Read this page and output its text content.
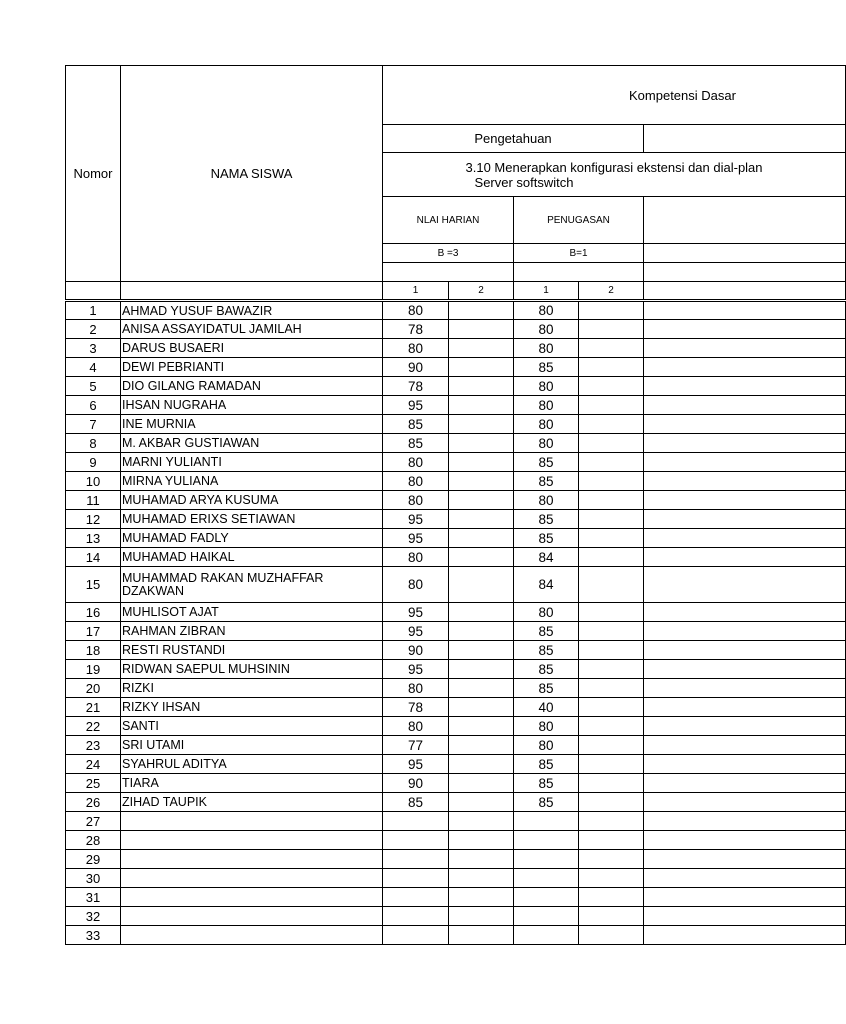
Nomor	NAMA SISWA	Kompetensi Dasar				
		Pengetahuan				

		3.10 Menerapkan konfigurasi ekstensi dan dial-plan
Server softswitch				

		NLAI HARIAN		PENUGASAN		
		B =3		B=1		

		1	2	1	2	
1	AHMAD YUSUF BAWAZIR	80		80		
2	ANISA ASSAYIDATUL JAMILAH	78		80		
3	DARUS BUSAERI	80		80		
4	DEWI PEBRIANTI	90		85		
5	DIO GILANG RAMADAN	78		80		
6	IHSAN NUGRAHA	95		80		
7	INE MURNIA	85		80		
8	M. AKBAR GUSTIAWAN	85		80		
9	MARNI YULIANTI	80		85		
10	MIRNA YULIANA	80		85		
11	MUHAMAD ARYA KUSUMA	80		80		
12	MUHAMAD ERIXS SETIAWAN	95		85		
13	MUHAMAD FADLY	95		85		
14	MUHAMAD HAIKAL	80		84		
15	MUHAMMAD RAKAN MUZHAFFAR DZAKWAN	80		84		
16	MUHLISOT AJAT	95		80		
17	RAHMAN ZIBRAN	95		85		
18	RESTI RUSTANDI	90		85		
19	RIDWAN SAEPUL MUHSININ	95		85		
20	RIZKI	80		85		
21	RIZKY IHSAN	78		40		
22	SANTI	80		80		
23	SRI UTAMI	77		80		
24	SYAHRUL ADITYA	95		85		
25	TIARA	90		85		
26	ZIHAD TAUPIK	85		85		
27						
28						
29						
30						
31						
32						
33						
